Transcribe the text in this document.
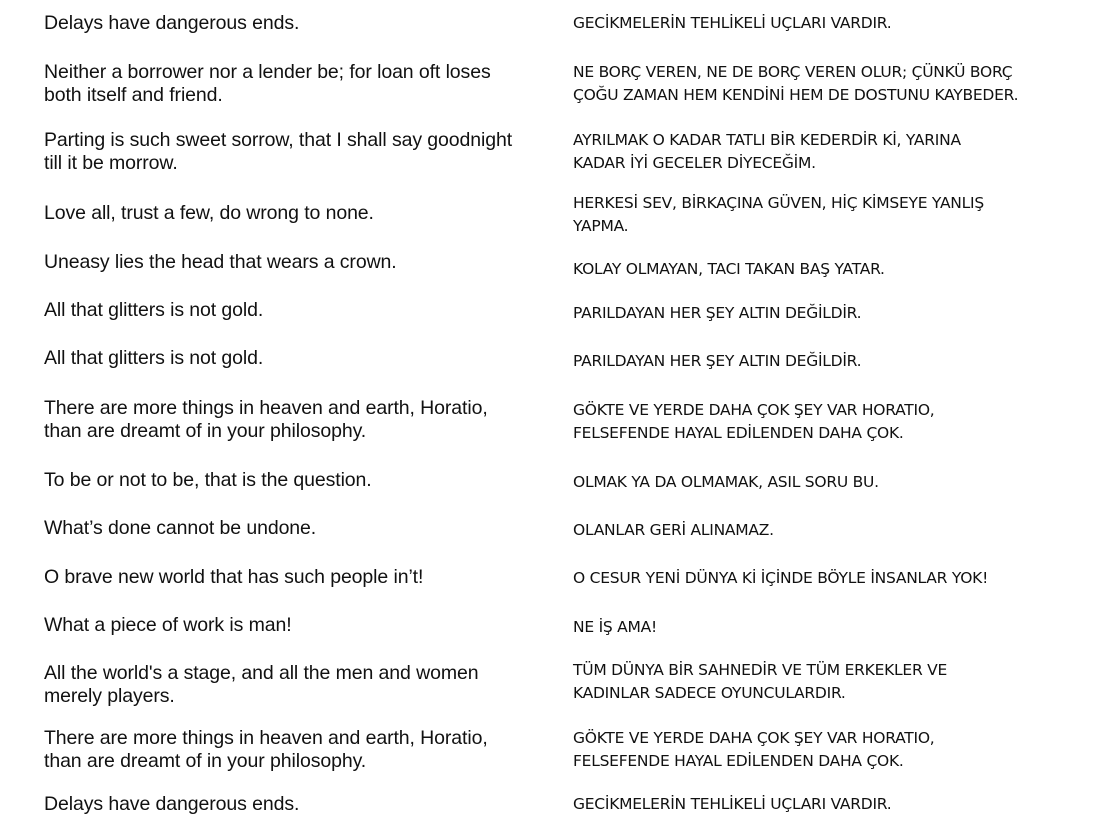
Delays have dangerous ends.	GECİKMELERİN TEHLİKELİ UÇLARI VARDIR.
Neither a borrower nor a lender be; for loan oft loses
both itself and friend.
NE BORÇ VEREN, NE DE BORÇ VEREN OLUR; ÇÜNKÜ BORÇ
ÇOĞU ZAMAN HEM KENDİNİ HEM DE DOSTUNU KAYBEDER.
Parting is such sweet sorrow, that I shall say goodnight
till it be morrow.
AYRILMAK O KADAR TATLI BİR KEDERDİR Kİ, YARINA
KADAR İYİ GECELER DİYECEĞİM.
Love all, trust a few, do wrong to none.	HERKESİ SEV, BİRKAÇINA GÜVEN, HİÇ KİMSEYE YANLIŞ
YAPMA.
Uneasy lies the head that wears a crown.	KOLAY OLMAYAN, TACI TAKAN BAŞ YATAR.
All that glitters is not gold.	PARILDAYAN HER ŞEY ALTIN DEĞİLDİR.
All that glitters is not gold.	PARILDAYAN HER ŞEY ALTIN DEĞİLDİR.
There are more things in heaven and earth, Horatio,
than are dreamt of in your philosophy.
GÖKTE VE YERDE DAHA ÇOK ŞEY VAR HORATIO,
FELSEFENDE HAYAL EDİLENDEN DAHA ÇOK.
To be or not to be, that is the question.	OLMAK YA DA OLMAMAK, ASIL SORU BU.
What’s done cannot be undone.	OLANLAR GERİ ALINAMAZ.
O brave new world that has such people in’t!	O CESUR YENİ DÜNYA Kİ İÇİNDE BÖYLE İNSANLAR YOK!
What a piece of work is man!	NE İŞ AMA!
All the world's a stage, and all the men and women
merely players.
TÜM DÜNYA BİR SAHNEDİR VE TÜM ERKEKLER VE
KADINLAR SADECE OYUNCULARDIR.
There are more things in heaven and earth, Horatio,
than are dreamt of in your philosophy.
GÖKTE VE YERDE DAHA ÇOK ŞEY VAR HORATIO,
FELSEFENDE HAYAL EDİLENDEN DAHA ÇOK.
Delays have dangerous ends.	GECİKMELERİN TEHLİKELİ UÇLARI VARDIR.
